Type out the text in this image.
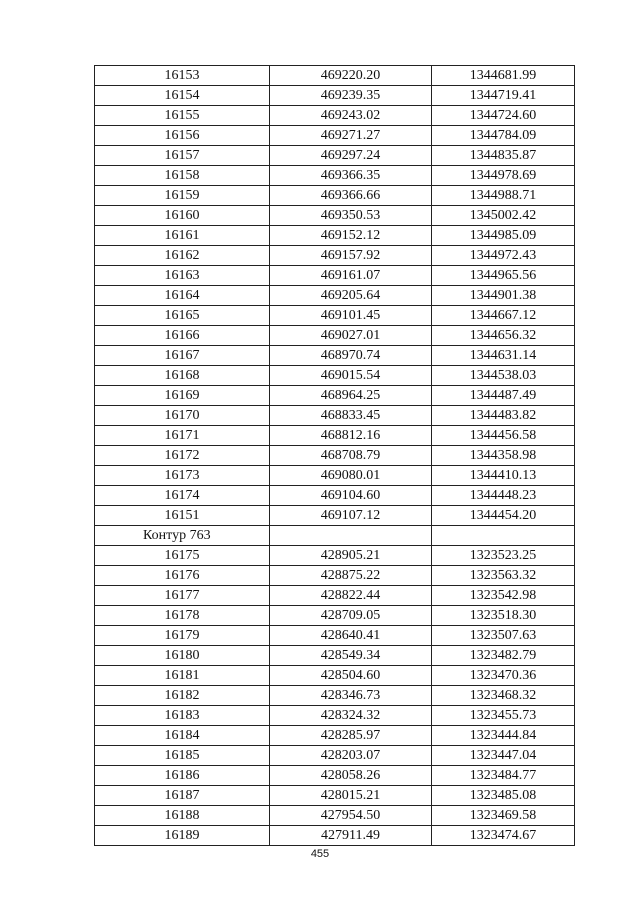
16153	469220.20	1344681.99
16154	469239.35	1344719.41
16155	469243.02	1344724.60
16156	469271.27	1344784.09
16157	469297.24	1344835.87
16158	469366.35	1344978.69
16159	469366.66	1344988.71
16160	469350.53	1345002.42
16161	469152.12	1344985.09
16162	469157.92	1344972.43
16163	469161.07	1344965.56
16164	469205.64	1344901.38
16165	469101.45	1344667.12
16166	469027.01	1344656.32
16167	468970.74	1344631.14
16168	469015.54	1344538.03
16169	468964.25	1344487.49
16170	468833.45	1344483.82
16171	468812.16	1344456.58
16172	468708.79	1344358.98
16173	469080.01	1344410.13
16174	469104.60	1344448.23
16151	469107.12	1344454.20
Контур 763		
16175	428905.21	1323523.25
16176	428875.22	1323563.32
16177	428822.44	1323542.98
16178	428709.05	1323518.30
16179	428640.41	1323507.63
16180	428549.34	1323482.79
16181	428504.60	1323470.36
16182	428346.73	1323468.32
16183	428324.32	1323455.73
16184	428285.97	1323444.84
16185	428203.07	1323447.04
16186	428058.26	1323484.77
16187	428015.21	1323485.08
16188	427954.50	1323469.58
16189	427911.49	1323474.67
455
